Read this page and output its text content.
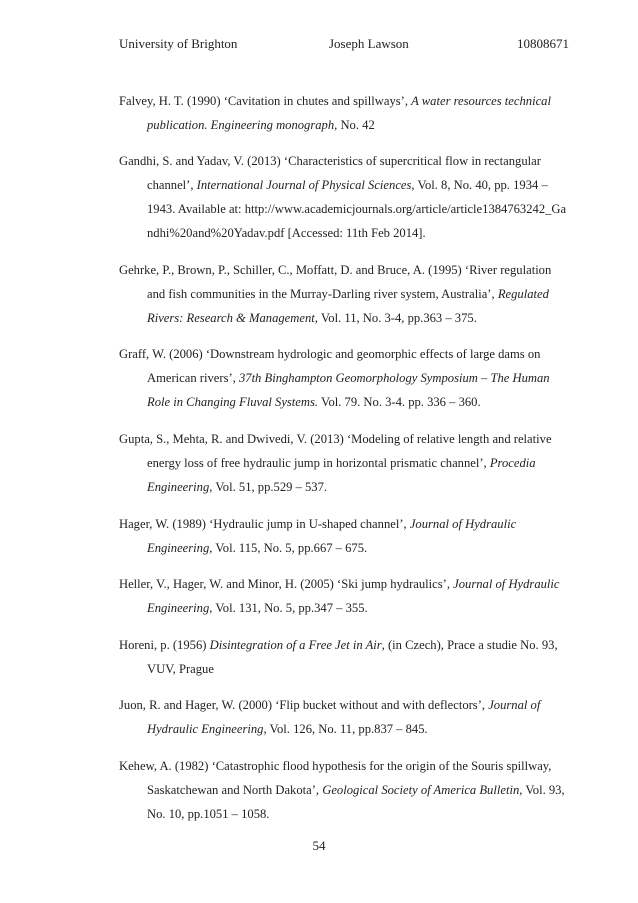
University of Brighton	Joseph Lawson	10808671

Falvey, H. T. (1990) ‘Cavitation in chutes and spillways’, A water resources technical publication. Engineering monograph, No. 42

Gandhi, S. and Yadav, V. (2013) ‘Characteristics of supercritical flow in rectangular channel’, International Journal of Physical Sciences, Vol. 8, No. 40, pp. 1934 – 1943. Available at: http://www.academicjournals.org/article/article1384763242_Gandhi%20and%20Yadav.pdf [Accessed: 11th Feb 2014].

Gehrke, P., Brown, P., Schiller, C., Moffatt, D. and Bruce, A. (1995) ‘River regulation and fish communities in the Murray-Darling river system, Australia’, Regulated Rivers: Research & Management, Vol. 11, No. 3-4, pp.363 – 375.

Graff, W. (2006) ‘Downstream hydrologic and geomorphic effects of large dams on American rivers’, 37th Binghampton Geomorphology Symposium – The Human Role in Changing Fluval Systems. Vol. 79. No. 3-4. pp. 336 – 360.

Gupta, S., Mehta, R. and Dwivedi, V. (2013) ‘Modeling of relative length and relative energy loss of free hydraulic jump in horizontal prismatic channel’, Procedia Engineering, Vol. 51, pp.529 – 537.

Hager, W. (1989) ‘Hydraulic jump in U-shaped channel’, Journal of Hydraulic Engineering, Vol. 115, No. 5, pp.667 – 675.

Heller, V., Hager, W. and Minor, H. (2005) ‘Ski jump hydraulics’, Journal of Hydraulic Engineering, Vol. 131, No. 5, pp.347 – 355.

Horeni, p. (1956) Disintegration of a Free Jet in Air, (in Czech), Prace a studie No. 93, VUV, Prague

Juon, R. and Hager, W. (2000) ‘Flip bucket without and with deflectors’, Journal of Hydraulic Engineering, Vol. 126, No. 11, pp.837 – 845.

Kehew, A. (1982) ‘Catastrophic flood hypothesis for the origin of the Souris spillway, Saskatchewan and North Dakota’, Geological Society of America Bulletin, Vol. 93, No. 10, pp.1051 – 1058.

54
